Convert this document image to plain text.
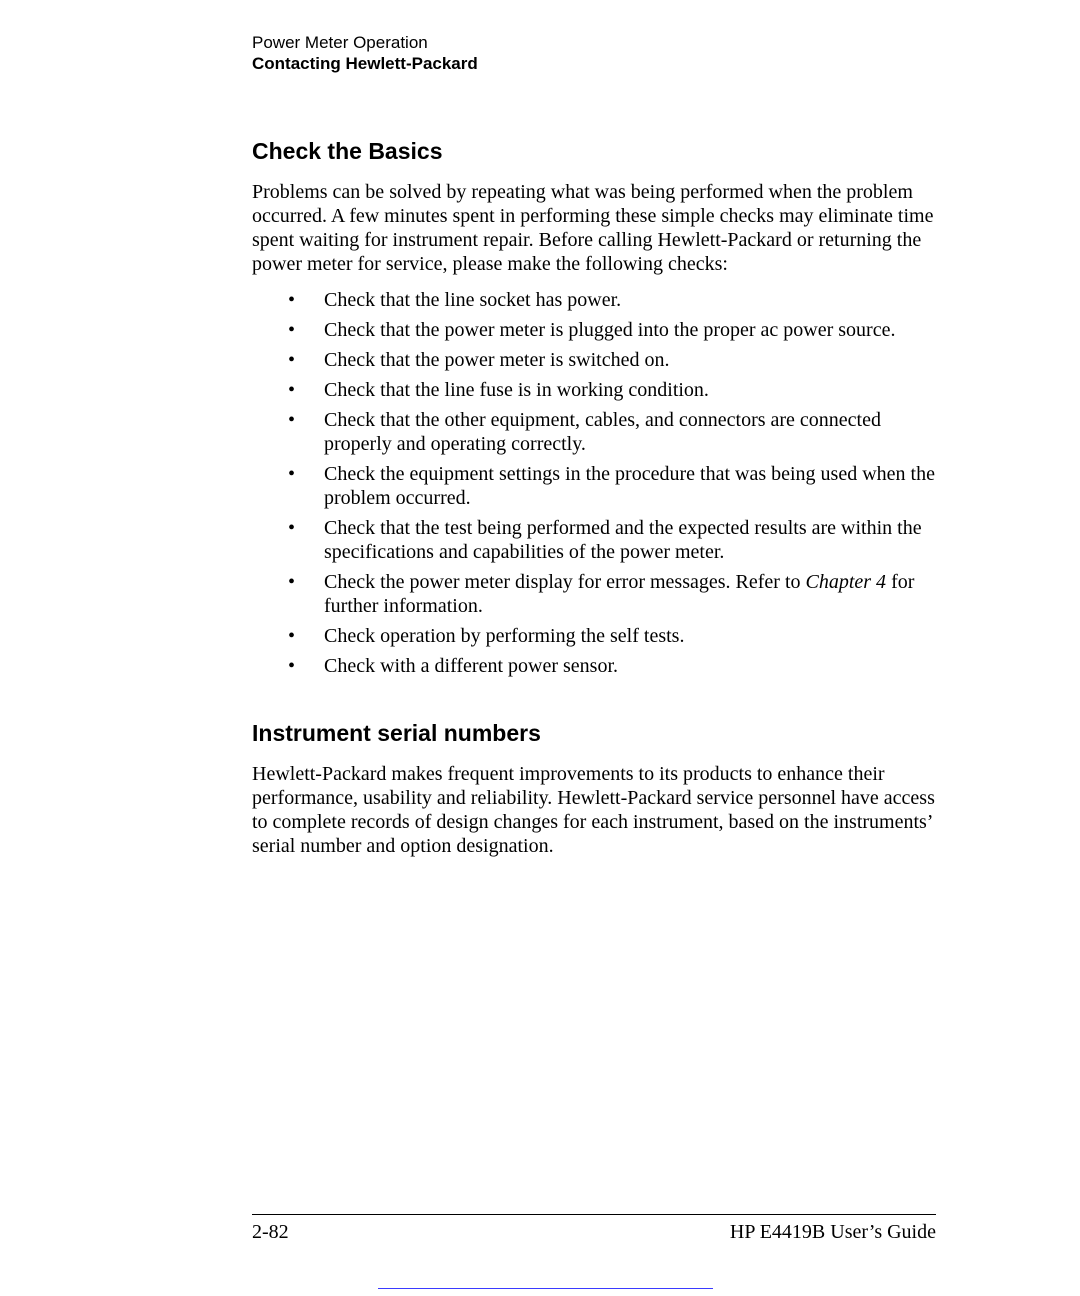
Power Meter Operation
Contacting Hewlett-Packard
Check the Basics

Problems can be solved by repeating what was being performed when the problem occurred. A few minutes spent in performing these simple checks may eliminate time spent waiting for instrument repair. Before calling Hewlett-Packard or returning the power meter for service, please make the following checks:

• Check that the line socket has power.
• Check that the power meter is plugged into the proper ac power source.
• Check that the power meter is switched on.
• Check that the line fuse is in working condition.
• Check that the other equipment, cables, and connectors are connected properly and operating correctly.
• Check the equipment settings in the procedure that was being used when the problem occurred.
• Check that the test being performed and the expected results are within the specifications and capabilities of the power meter.
• Check the power meter display for error messages. Refer to Chapter 4 for further information.
• Check operation by performing the self tests.
• Check with a different power sensor.
Instrument serial numbers

Hewlett-Packard makes frequent improvements to its products to enhance their performance, usability and reliability. Hewlett-Packard service personnel have access to complete records of design changes for each instrument, based on the instruments’ serial number and option designation.

2-82	HP E4419B User’s Guide
